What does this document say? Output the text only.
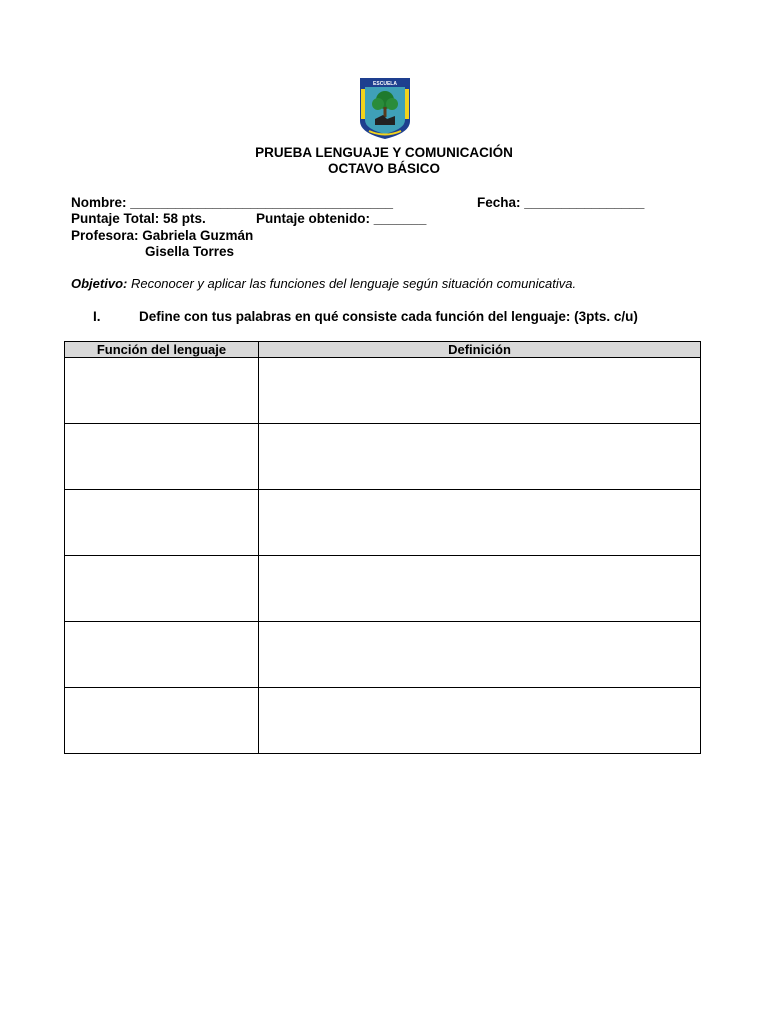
ESCUELA
PRUEBA LENGUAJE Y COMUNICACIÓN
OCTAVO BÁSICO
Nombre: ___________________________________	Fecha: ________________
Puntaje Total: 58 pts.	Puntaje obtenido: _______
Profesora: Gabriela Guzmán
Gisella Torres
Objetivo: Reconocer y aplicar las funciones del lenguaje según situación comunicativa.
I.	Define con tus palabras en qué consiste cada función del lenguaje: (3pts. c/u)
Función del lenguaje	Definición
